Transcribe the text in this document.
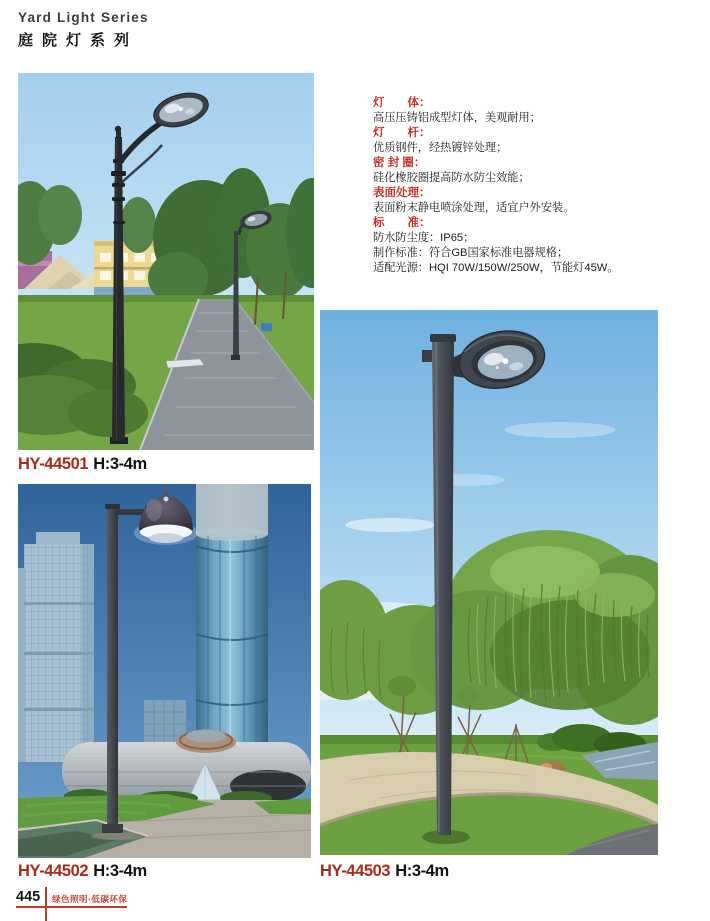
Yard Light Series
庭院灯系列
灯　　体：
高压压铸铝成型灯体，美观耐用；
灯　　杆：
优质钢件，经热镀锌处理；
密 封 圈：
硅化橡胶圈提高防水防尘效能；
表面处理：
表面粉末静电喷涂处理，适宜户外安装。
标　　准：
防水防尘度：IP65；
制作标准：符合GB国家标准电器规格；
适配光源：HQI 70W/150W/250W，节能灯45W。
HY-44501 H:3-4m
HY-44502 H:3-4m	HY-44503 H:3-4m
445 绿色照明·低碳环保
